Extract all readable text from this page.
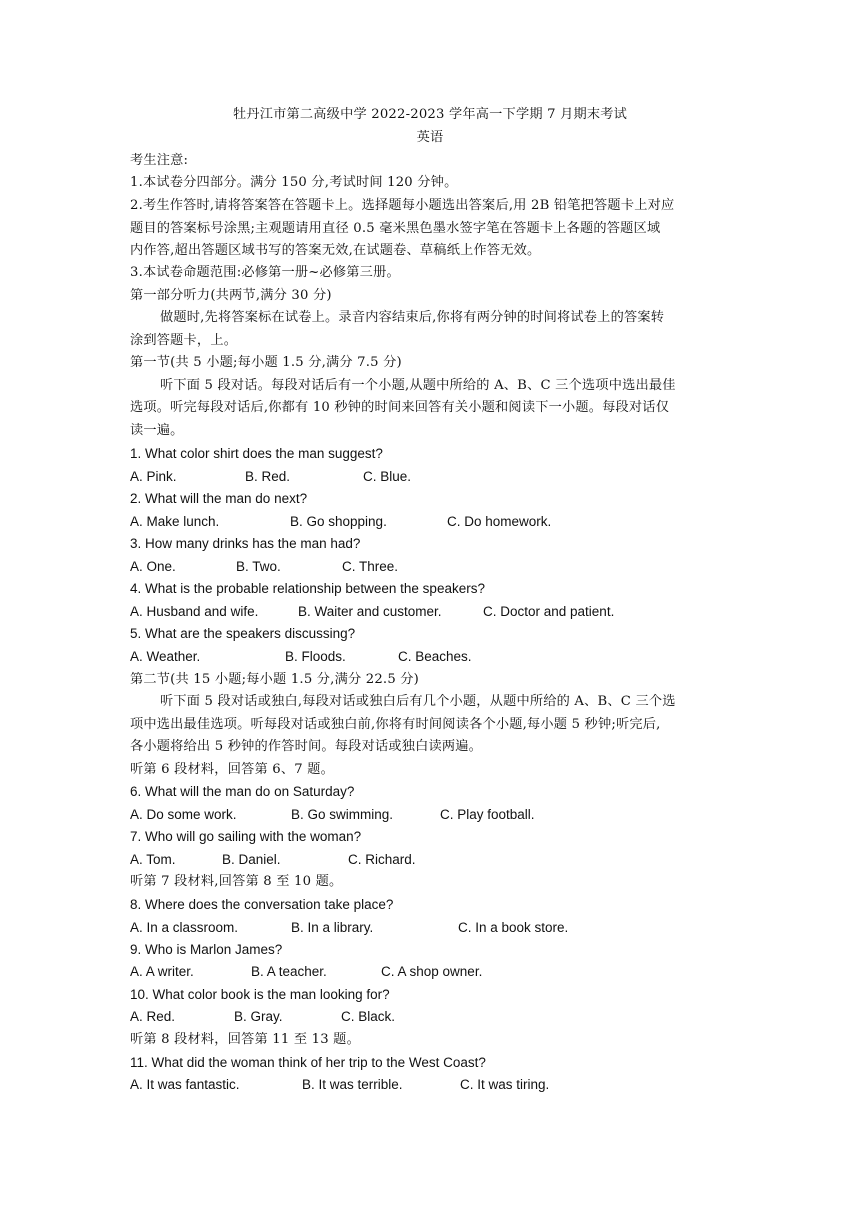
牡丹江市第二高级中学 2022-2023 学年高一下学期 7 月期末考试
英语
考生注意:
1.本试卷分四部分。满分 150 分,考试时间 120 分钟。
2.考生作答时,请将答案答在答题卡上。选择题每小题选出答案后,用 2B 铅笔把答题卡上对应
题目的答案标号涂黑;主观题请用直径 0.5 毫米黑色墨水签字笔在答题卡上各题的答题区域
内作答,超出答题区域书写的答案无效,在试题卷、草稿纸上作答无效。
3.本试卷命题范围:必修第一册~必修第三册。
第一部分听力(共两节,满分 30 分)
做题时,先将答案标在试卷上。录音内容结束后,你将有两分钟的时间将试卷上的答案转
涂到答题卡，上。
第一节(共 5 小题;每小题 1.5 分,满分 7.5 分)
听下面 5 段对话。每段对话后有一个小题,从题中所给的 A、B、C 三个选项中选出最佳
选项。听完每段对话后,你都有 10 秒钟的时间来回答有关小题和阅读下一小题。每段对话仅
读一遍。
1. What color shirt does the man suggest?
A. Pink.	B. Red.	C. Blue.
2. What will the man do next?
A. Make lunch.	B. Go shopping.	C. Do homework.
3. How many drinks has the man had?
A. One.	B. Two.	C. Three.
4. What is the probable relationship between the speakers?
A. Husband and wife.	B. Waiter and customer.	C. Doctor and patient.
5. What are the speakers discussing?
A. Weather.	B. Floods.	C. Beaches.
第二节(共 15 小题;每小题 1.5 分,满分 22.5 分)
听下面 5 段对话或独白,每段对话或独白后有几个小题，从题中所给的 A、B、C 三个选
项中选出最佳选项。听每段对话或独白前,你将有时间阅读各个小题,每小题 5 秒钟;听完后,
各小题将给出 5 秒钟的作答时间。每段对话或独白读两遍。
听第 6 段材料，回答第 6、7 题。
6. What will the man do on Saturday?
A. Do some work.	B. Go swimming.	C. Play football.
7. Who will go sailing with the woman?
A. Tom.	B. Daniel.	C. Richard.
听第 7 段材料,回答第 8 至 10 题。
8. Where does the conversation take place?
A. In a classroom.	B. In a library.	C. In a book store.
9. Who is Marlon James?
A. A writer.	B. A teacher.	C. A shop owner.
10. What color book is the man looking for?
A. Red.	B. Gray.	C. Black.
听第 8 段材料，回答第 11 至 13 题。
11. What did the woman think of her trip to the West Coast?
A. It was fantastic.	B. It was terrible.	C. It was tiring.
